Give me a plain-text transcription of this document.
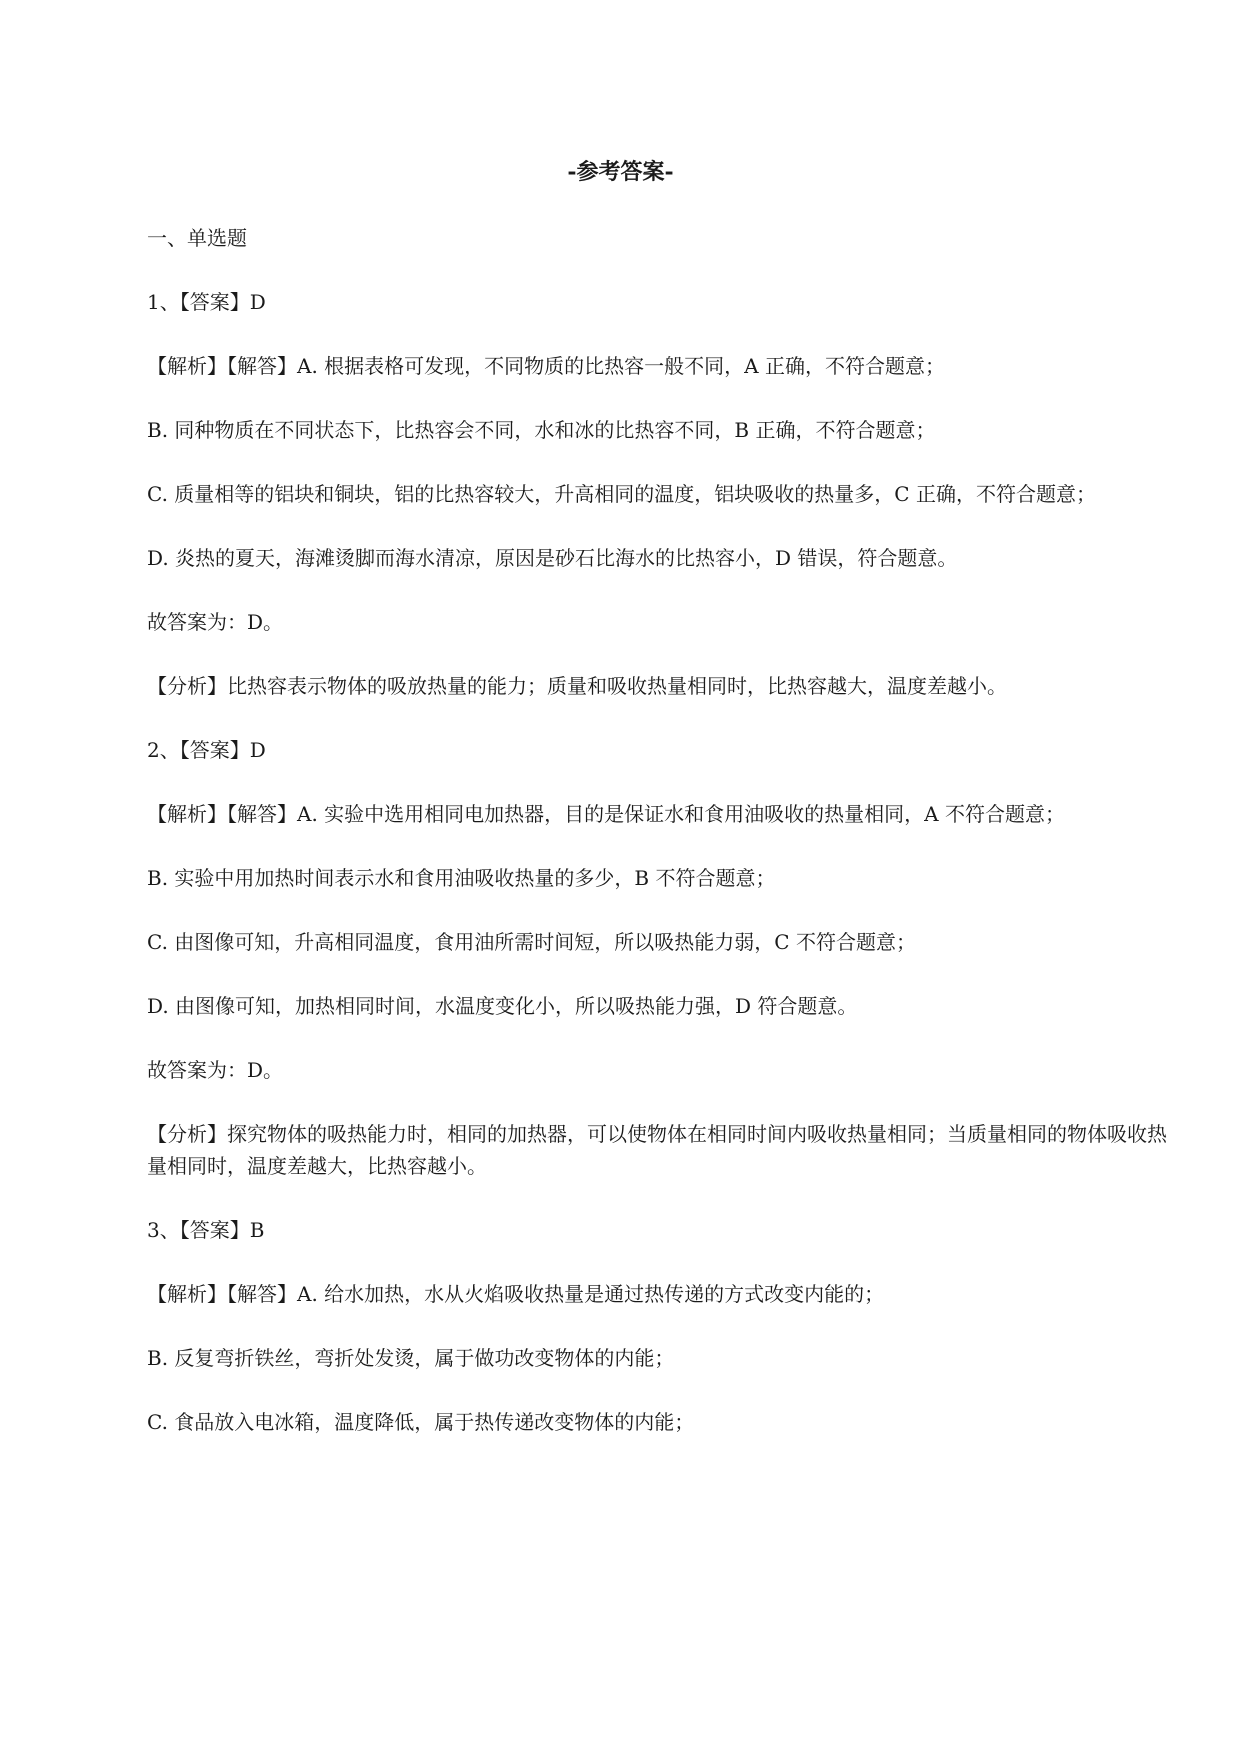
-参考答案-

一、单选题

1、【答案】D

【解析】【解答】A. 根据表格可发现，不同物质的比热容一般不同，A 正确，不符合题意；

B. 同种物质在不同状态下，比热容会不同，水和冰的比热容不同，B 正确，不符合题意；

C. 质量相等的铝块和铜块，铝的比热容较大，升高相同的温度，铝块吸收的热量多，C 正确，不符合题意；

D. 炎热的夏天，海滩烫脚而海水清凉，原因是砂石比海水的比热容小，D 错误，符合题意。

故答案为：D。

【分析】比热容表示物体的吸放热量的能力；质量和吸收热量相同时，比热容越大，温度差越小。

2、【答案】D

【解析】【解答】A. 实验中选用相同电加热器，目的是保证水和食用油吸收的热量相同，A 不符合题意；

B. 实验中用加热时间表示水和食用油吸收热量的多少，B 不符合题意；

C. 由图像可知，升高相同温度，食用油所需时间短，所以吸热能力弱，C 不符合题意；

D. 由图像可知，加热相同时间，水温度变化小，所以吸热能力强，D 符合题意。

故答案为：D。

【分析】探究物体的吸热能力时，相同的加热器，可以使物体在相同时间内吸收热量相同；当质量相同的物体吸收热量相同时，温度差越大，比热容越小。

3、【答案】B

【解析】【解答】A. 给水加热，水从火焰吸收热量是通过热传递的方式改变内能的；

B. 反复弯折铁丝，弯折处发烫，属于做功改变物体的内能；

C. 食品放入电冰箱，温度降低，属于热传递改变物体的内能；
